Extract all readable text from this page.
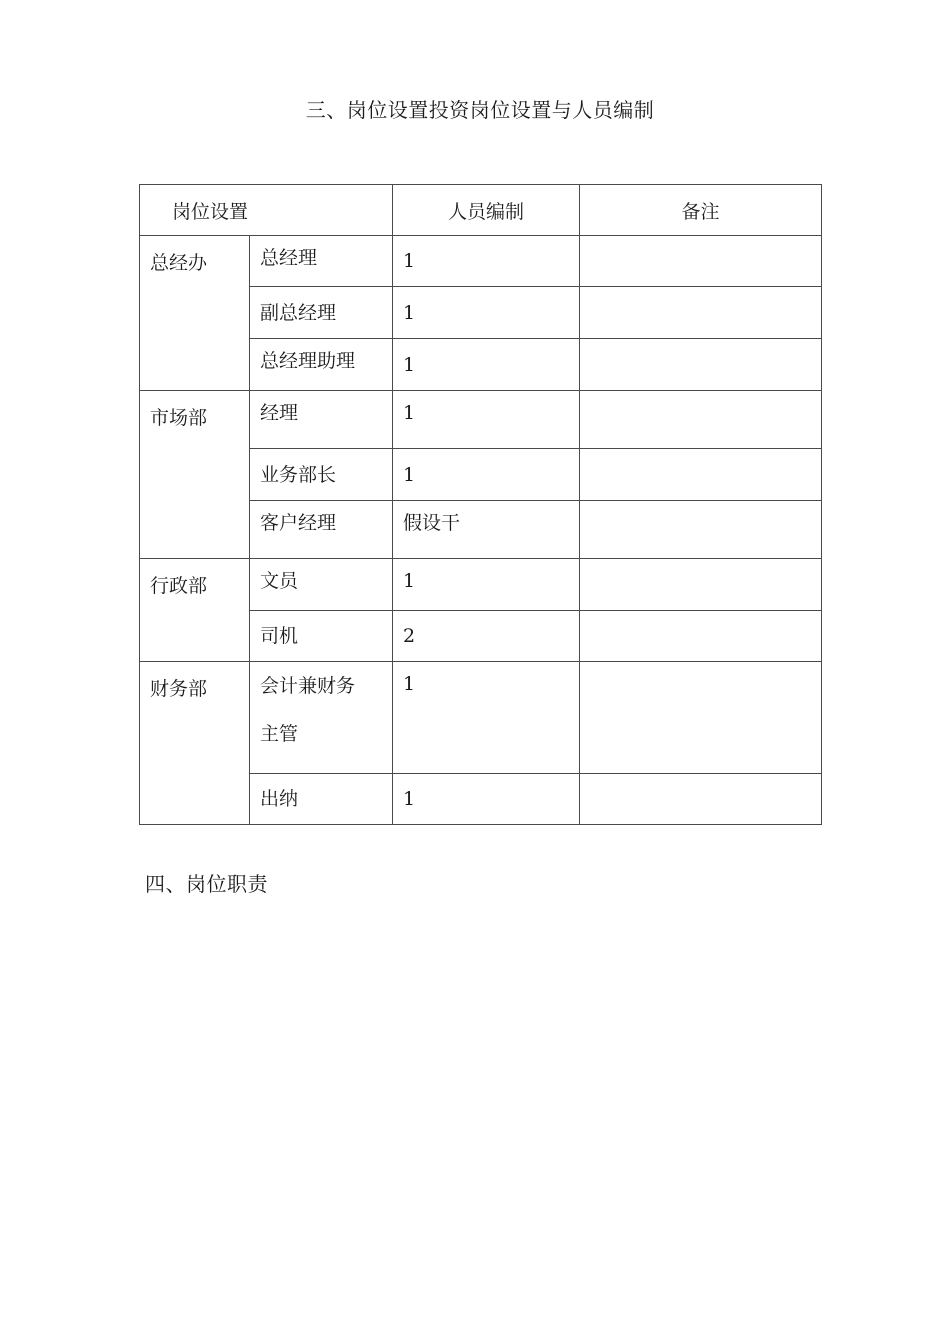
三、岗位设置投资岗位设置与人员编制
岗位设置		人员编制	备注
总经办	总经理	1	
	副总经理	1	
	总经理助理	1	
市场部	经理	1	
	业务部长	1	
	客户经理	假设干	
行政部	文员	1	
	司机	2	
财务部	会计兼财务主管	1	
	出纳	1	
四、岗位职责
